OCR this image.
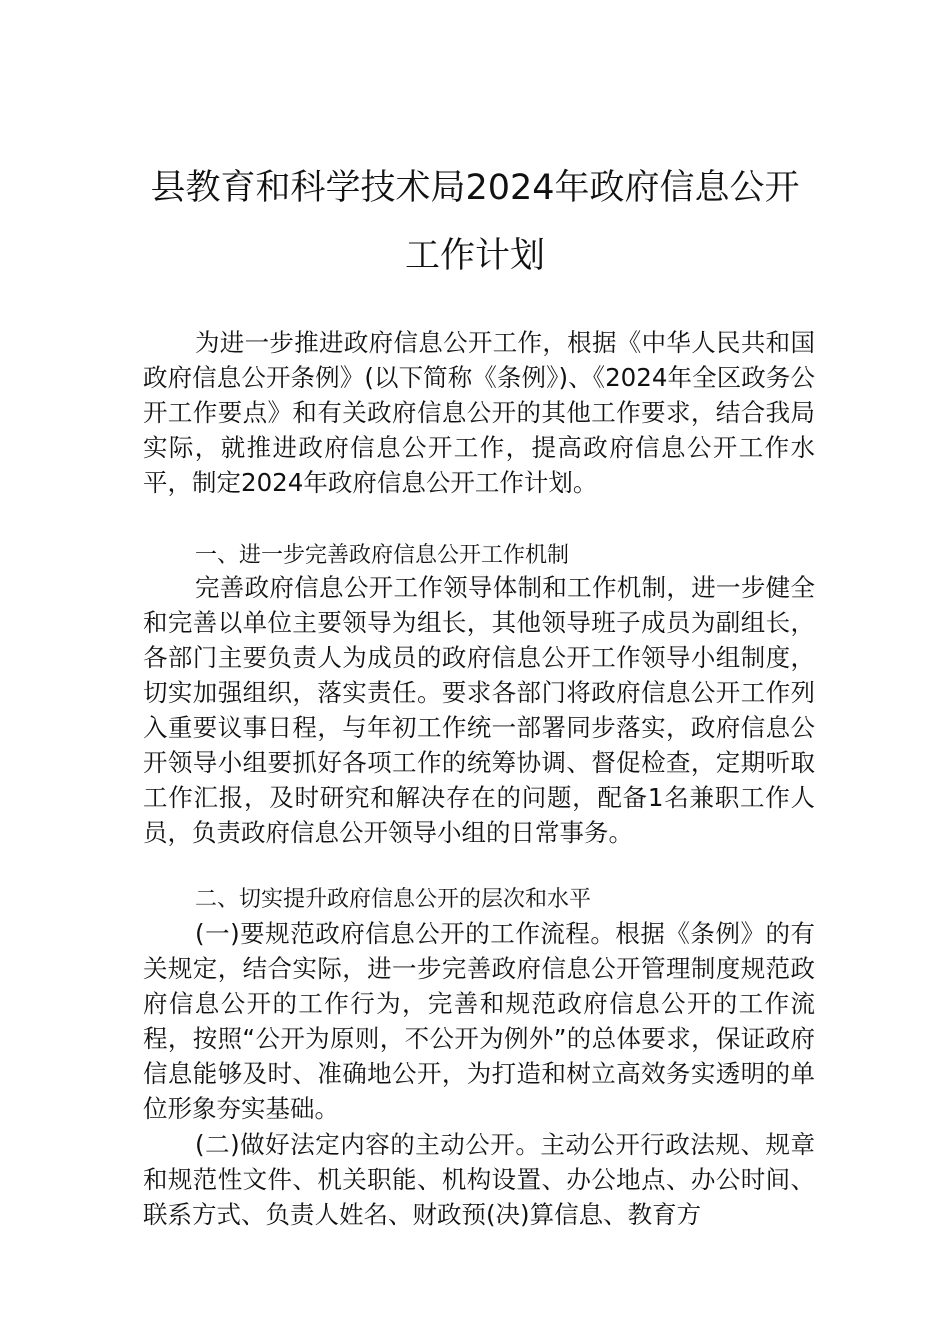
县教育和科学技术局2024年政府信息公开
工作计划

为进一步推进政府信息公开工作，根据《中华人民共和国政府信息公开条例》(以下简称《条例》)、《2024年全区政务公开工作要点》和有关政府信息公开的其他工作要求，结合我局实际，就推进政府信息公开工作，提高政府信息公开工作水平，制定2024年政府信息公开工作计划。

一、进一步完善政府信息公开工作机制

完善政府信息公开工作领导体制和工作机制，进一步健全和完善以单位主要领导为组长，其他领导班子成员为副组长，各部门主要负责人为成员的政府信息公开工作领导小组制度，切实加强组织，落实责任。要求各部门将政府信息公开工作列入重要议事日程，与年初工作统一部署同步落实，政府信息公开领导小组要抓好各项工作的统筹协调、督促检查，定期听取工作汇报，及时研究和解决存在的问题，配备1名兼职工作人员，负责政府信息公开领导小组的日常事务。

二、切实提升政府信息公开的层次和水平

(一)要规范政府信息公开的工作流程。根据《条例》的有关规定，结合实际，进一步完善政府信息公开管理制度规范政府信息公开的工作行为，完善和规范政府信息公开的工作流程，按照“公开为原则，不公开为例外”的总体要求，保证政府信息能够及时、准确地公开，为打造和树立高效务实透明的单位形象夯实基础。

(二)做好法定内容的主动公开。主动公开行政法规、规章和规范性文件、机关职能、机构设置、办公地点、办公时间、联系方式、负责人姓名、财政预(决)算信息、教育方
